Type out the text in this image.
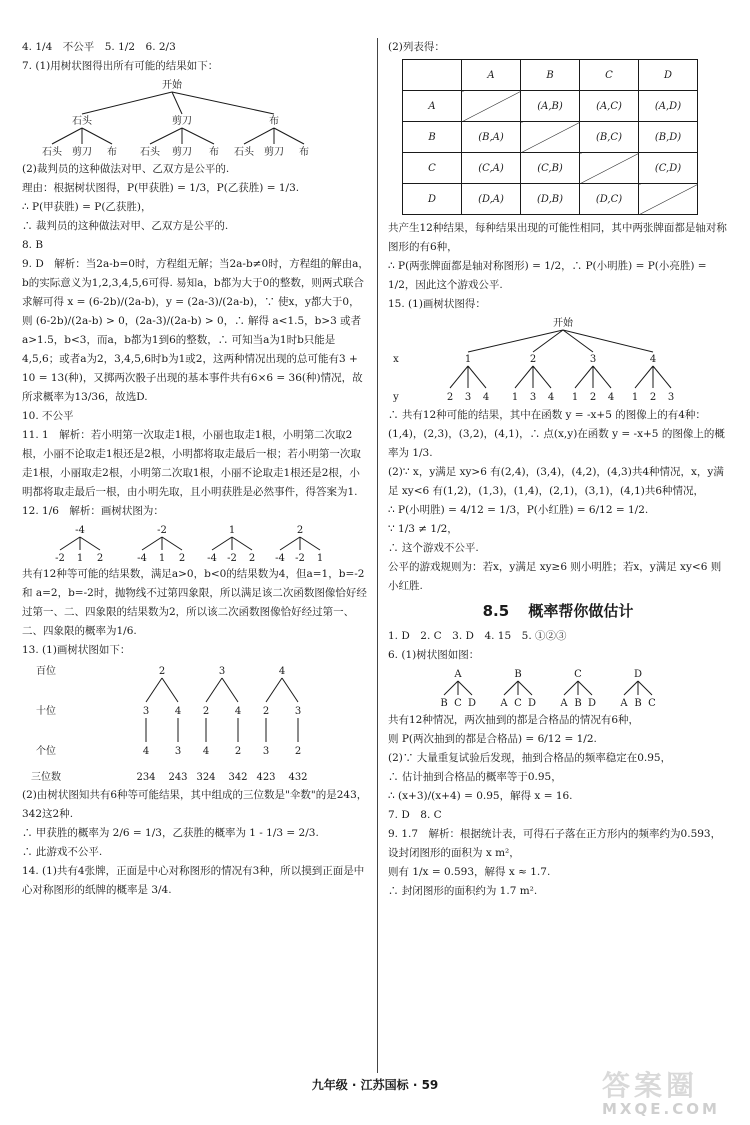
4. 1/4　不公平　5. 1/2　6. 2/3
7. (1)用树状图得出所有可能的结果如下：
开始
石头	剪刀	布
石头 剪刀 布 石头 剪刀 布 石头 剪刀 布
(2)裁判员的这种做法对甲、乙双方是公平的.
理由：根据树状图得，P(甲获胜) = 1/3，P(乙获胜) = 1/3.
∴ P(甲获胜) = P(乙获胜)，
∴ 裁判员的这种做法对甲、乙双方是公平的.
8. B
9. D　解析：当2a-b=0时，方程组无解；当2a-b≠0时，方程组的解由a，b的实际意义为1,2,3,4,5,6可得. 易知a，b都为大于0的整数，则两式联合求解可得 x = (6-2b)/(2a-b)，y = (2a-3)/(2a-b)，∵ 使x，y都大于0，则 (6-2b)/(2a-b) > 0，(2a-3)/(2a-b) > 0，∴ 解得 a<1.5，b>3 或者 a>1.5，b<3，而a，b都为1到6的整数，∴ 可知当a为1时b只能是4,5,6；或者a为2，3,4,5,6时b为1或2，这两种情况出现的总可能有3 + 10 = 13(种)，又掷两次骰子出现的基本事件共有6×6 = 36(种)情况，故所求概率为13/36，故选D.
10. 不公平
11. 1　解析：若小明第一次取走1根，小丽也取走1根，小明第二次取2根，小丽不论取走1根还是2根，小明都将取走最后一根；若小明第一次取走1根，小丽取走2根，小明第二次取1根，小丽不论取走1根还是2根，小明都将取走最后一根，由小明先取，且小明获胜是必然事件，得答案为1.
12. 1/6　解析：画树状图为：
-4	-2	1	2
-2 1 2	-4 1 2 -4 -2 2 -4 -2 1
共有12种等可能的结果数，满足a>0，b<0的结果数为4，但a=1，b=-2 和 a=2，b=-2时，抛物线不过第四象限，所以满足该二次函数图像恰好经过第一、二、四象限的结果数为2，所以该二次函数图像恰好经过第一、二、四象限的概率为1/6.
13. (1)画树状图如下：
百位
十位
个位
三位数
2	3	4
3	4 2	4 2	3
4	3 4	2 3	2
234 243 324 342 423 432
(2)由树状图知共有6种等可能结果，其中组成的三位数是"伞数"的是243，342这2种.
∴ 甲获胜的概率为 2/6 = 1/3，乙获胜的概率为 1 - 1/3 = 2/3.
∴ 此游戏不公平.
14. (1)共有4张牌，正面是中心对称图形的情况有3种，所以摸到正面是中心对称图形的纸牌的概率是 3/4.
(2)列表得：
	A	B	C	D
A		(A,B)	(A,C)	(A,D)
B	(B,A)		(B,C)	(B,D)
C	(C,A)	(C,B)		(C,D)
D	(D,A)	(D,B)	(D,C)	
共产生12种结果，每种结果出现的可能性相同，其中两张牌面都是轴对称图形的有6种，
∴ P(两张牌面都是轴对称图形) = 1/2，∴ P(小明胜) = P(小亮胜) = 1/2，因此这个游戏公平.
15. (1)画树状图得：
开始
x
y
1	2	3	4
2 3 4 1 3 4 1 2 4 1 2 3
∴ 共有12种可能的结果，其中在函数 y = -x+5 的图像上的有4种：(1,4)，(2,3)，(3,2)，(4,1)，∴ 点(x,y)在函数 y = -x+5 的图像上的概率为 1/3.
(2)∵ x，y满足 xy>6 有(2,4)，(3,4)，(4,2)，(4,3)共4种情况，x，y满足 xy<6 有(1,2)，(1,3)，(1,4)，(2,1)，(3,1)，(4,1)共6种情况，
∴ P(小明胜) = 4/12 = 1/3，P(小红胜) = 6/12 = 1/2.
∵ 1/3 ≠ 1/2，
∴ 这个游戏不公平.
公平的游戏规则为：若x，y满足 xy≥6 则小明胜；若x，y满足 xy<6 则小红胜.
8.5 概率帮你做估计
1. D　2. C　3. D　4. 15　5. ①②③
6. (1)树状图如图：
A	B	C	D
B C D A C D A B D A B C
共有12种情况，两次抽到的都是合格品的情况有6种，
则 P(两次抽到的都是合格品) = 6/12 = 1/2.
(2)∵ 大量重复试验后发现，抽到合格品的频率稳定在0.95，
∴ 估计抽到合格品的概率等于0.95，
∴ (x+3)/(x+4) = 0.95，解得 x = 16.
7. D　8. C
9. 1.7　解析：根据统计表，可得石子落在正方形内的频率约为0.593，设封闭图形的面积为 x m²，
则有 1/x = 0.593，解得 x ≈ 1.7.
∴ 封闭图形的面积约为 1.7 m².
九年级 · 江苏国标 · 59	答案圈
MXQE.COM
